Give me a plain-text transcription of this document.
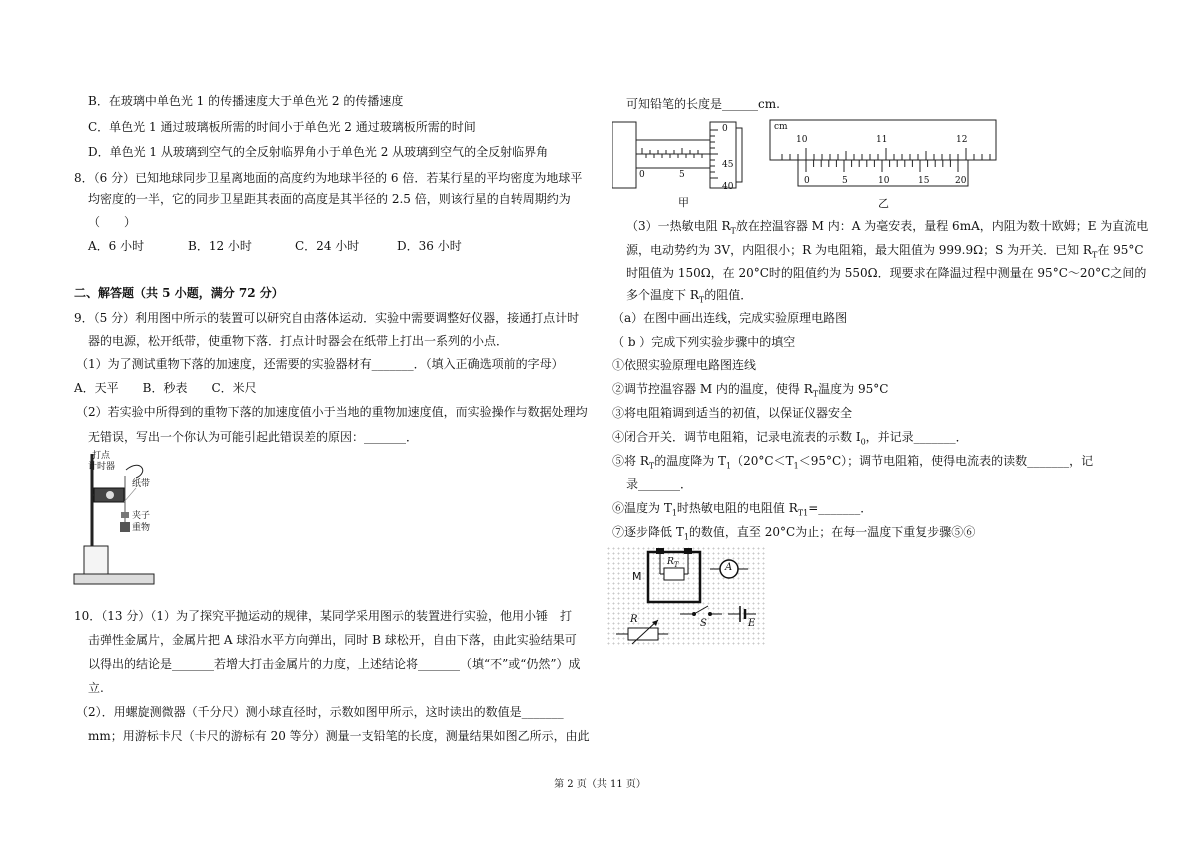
B．在玻璃中单色光 1 的传播速度大于单色光 2 的传播速度
C．单色光 1 通过玻璃板所需的时间小于单色光 2 通过玻璃板所需的时间
D．单色光 1 从玻璃到空气的全反射临界角小于单色光 2 从玻璃到空气的全反射临界角
8．（6 分）已知地球同步卫星离地面的高度约为地球半径的 6 倍．若某行星的平均密度为地球平
均密度的一半，它的同步卫星距其表面的高度是其半径的 2.5 倍，则该行星的自转周期约为
（　　）
A．6 小时	B．12 小时	C．24 小时	D．36 小时
二、解答题（共 5 小题，满分 72 分）
9．（5 分）利用图中所示的装置可以研究自由落体运动．实验中需要调整好仪器，接通打点计时
器的电源，松开纸带，使重物下落．打点计时器会在纸带上打出一系列的小点．
（1）为了测试重物下落的加速度，还需要的实验器材有_______．（填入正确选项前的字母）
A．天平　　B．秒表　　C．米尺
（2）若实验中所得到的重物下落的加速度值小于当地的重物加速度值，而实验操作与数据处理均
无错误，写出一个你认为可能引起此错误差的原因：_______．
打点
计时器
纸带
夹子
重物
10．（13 分）（1）为了探究平抛运动的规律，某同学采用图示的装置进行实验，他用小锤　打
击弹性金属片，金属片把 A 球沿水平方向弹出，同时 B 球松开，自由下落，由此实验结果可
以得出的结论是_______若增大打击金属片的力度，上述结论将_______（填“不”或“仍然”）成
立.
（2）．用螺旋测微器（千分尺）测小球直径时，示数如图甲所示，这时读出的数值是_______
mm；用游标卡尺（卡尺的游标有 20 等分）测量一支铅笔的长度，测量结果如图乙所示，由此
可知铅笔的长度是______cm.
0	5
0
45
40
甲
cm
10	11	12
0	5	10	15	20
乙
（3）一热敏电阻 $R_T$放在控温容器 M 内：A 为毫安表，量程 6mA，内阻为数十欧姆；E 为直流电
源，电动势约为 3V，内阻很小；R 为电阻箱，最大阻值为 999.9Ω；S 为开关．已知 $R_T$在 95°C
时阻值为 150Ω，在 20°C时的阻值约为 550Ω．现要求在降温过程中测量在 95°C～20°C之间的
多个温度下 $R_T$的阻值．
（a）在图中画出连线，完成实验原理电路图
（ b ）完成下列实验步骤中的填空
①依照实验原理电路图连线
②调节控温容器 M 内的温度，使得 $R_T$温度为 95°C
③将电阻箱调到适当的初值，以保证仪器安全
④闭合开关．调节电阻箱，记录电流表的示数 $I_0$，并记录_______．
⑤将 $R_T$的温度降为 $T_1(20^\circ C<T_1<95^\circ C)$；调节电阻箱，使得电流表的读数_______，记
录_______．
⑥温度为 $T_1$时热敏电阻的电阻值 $R_{T1}=\_\_\_\_\_\_\_$．
⑦逐步降低 $T_1$的数值，直至 20°C为止；在每一温度下重复步骤⑤⑥
M
$R_T$	A
R	S	E
第 2 页（共 11 页）
